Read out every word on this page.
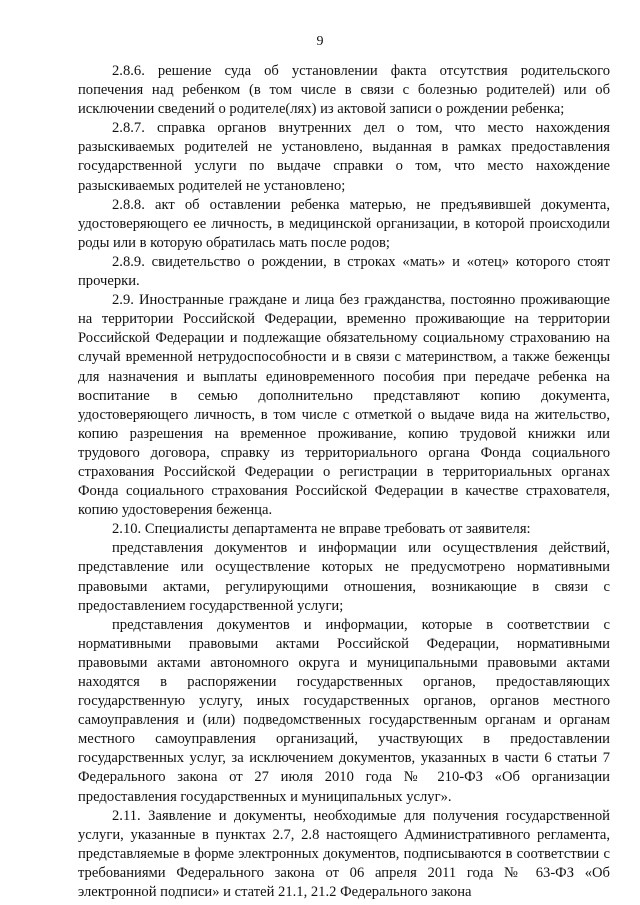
9

2.8.6. решение суда об установлении факта отсутствия родительского попечения над ребенком (в том числе в связи с болезнью родителей) или об исключении сведений о родителе(лях) из актовой записи о рождении ребенка;

2.8.7. справка органов внутренних дел о том, что место нахождения разыскиваемых родителей не установлено, выданная в рамках предоставления государственной услуги по выдаче справки о том, что место нахождение разыскиваемых родителей не установлено;

2.8.8. акт об оставлении ребенка матерью, не предъявившей документа, удостоверяющего ее личность, в медицинской организации, в которой происходили роды или в которую обратилась мать после родов;

2.8.9. свидетельство о рождении, в строках «мать» и «отец» которого стоят прочерки.

2.9. Иностранные граждане и лица без гражданства, постоянно проживающие на территории Российской Федерации, временно проживающие на территории Российской Федерации и подлежащие обязательному социальному страхованию на случай временной нетрудоспособности и в связи с материнством, а также беженцы для назначения и выплаты единовременного пособия при передаче ребенка на воспитание в семью дополнительно представляют копию документа, удостоверяющего личность, в том числе с отметкой о выдаче вида на жительство, копию разрешения на временное проживание, копию трудовой книжки или трудового договора, справку из территориального органа Фонда социального страхования Российской Федерации о регистрации в территориальных органах Фонда социального страхования Российской Федерации в качестве страхователя, копию удостоверения беженца.

2.10. Специалисты департамента не вправе требовать от заявителя:

представления документов и информации или осуществления действий, представление или осуществление которых не предусмотрено нормативными правовыми актами, регулирующими отношения, возникающие в связи с предоставлением государственной услуги;

представления документов и информации, которые в соответствии с нормативными правовыми актами Российской Федерации, нормативными правовыми актами автономного округа и муниципальными правовыми актами находятся в распоряжении государственных органов, предоставляющих государственную услугу, иных государственных органов, органов местного самоуправления и (или) подведомственных государственным органам и органам местного самоуправления организаций, участвующих в предоставлении государственных услуг, за исключением документов, указанных в части 6 статьи 7 Федерального закона от 27 июля 2010 года № 210-ФЗ «Об организации предоставления государственных и муниципальных услуг».

2.11. Заявление и документы, необходимые для получения государственной услуги, указанные в пунктах 2.7, 2.8 настоящего Административного регламента, представляемые в форме электронных документов, подписываются в соответствии с требованиями Федерального закона от 06 апреля 2011 года № 63-ФЗ «Об электронной подписи» и статей 21.1, 21.2 Федерального закона
